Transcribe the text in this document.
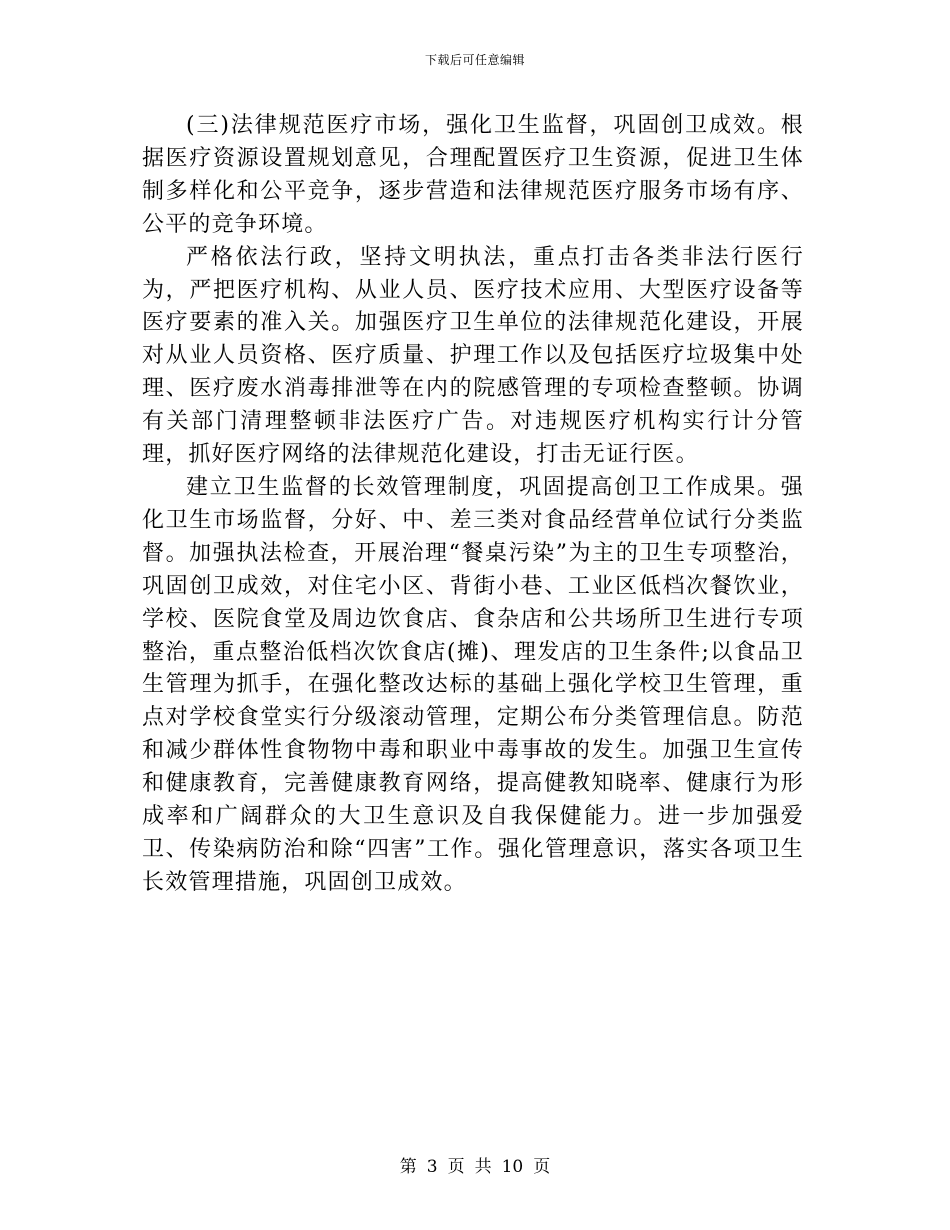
下载后可任意编辑

(三)法律规范医疗市场，强化卫生监督，巩固创卫成效。根据医疗资源设置规划意见，合理配置医疗卫生资源，促进卫生体制多样化和公平竞争，逐步营造和法律规范医疗服务市场有序、公平的竞争环境。

严格依法行政，坚持文明执法，重点打击各类非法行医行为，严把医疗机构、从业人员、医疗技术应用、大型医疗设备等医疗要素的准入关。加强医疗卫生单位的法律规范化建设，开展对从业人员资格、医疗质量、护理工作以及包括医疗垃圾集中处理、医疗废水消毒排泄等在内的院感管理的专项检查整顿。协调有关部门清理整顿非法医疗广告。对违规医疗机构实行计分管理，抓好医疗网络的法律规范化建设，打击无证行医。

建立卫生监督的长效管理制度，巩固提高创卫工作成果。强化卫生市场监督，分好、中、差三类对食品经营单位试行分类监督。加强执法检查，开展治理“餐桌污染”为主的卫生专项整治，巩固创卫成效，对住宅小区、背街小巷、工业区低档次餐饮业，学校、医院食堂及周边饮食店、食杂店和公共场所卫生进行专项整治，重点整治低档次饮食店(摊)、理发店的卫生条件;以食品卫生管理为抓手，在强化整改达标的基础上强化学校卫生管理，重点对学校食堂实行分级滚动管理，定期公布分类管理信息。防范和减少群体性食物物中毒和职业中毒事故的发生。加强卫生宣传和健康教育，完善健康教育网络，提高健教知晓率、健康行为形成率和广阔群众的大卫生意识及自我保健能力。进一步加强爱卫、传染病防治和除“四害”工作。强化管理意识，落实各项卫生长效管理措施，巩固创卫成效。

第 3 页 共 10 页
